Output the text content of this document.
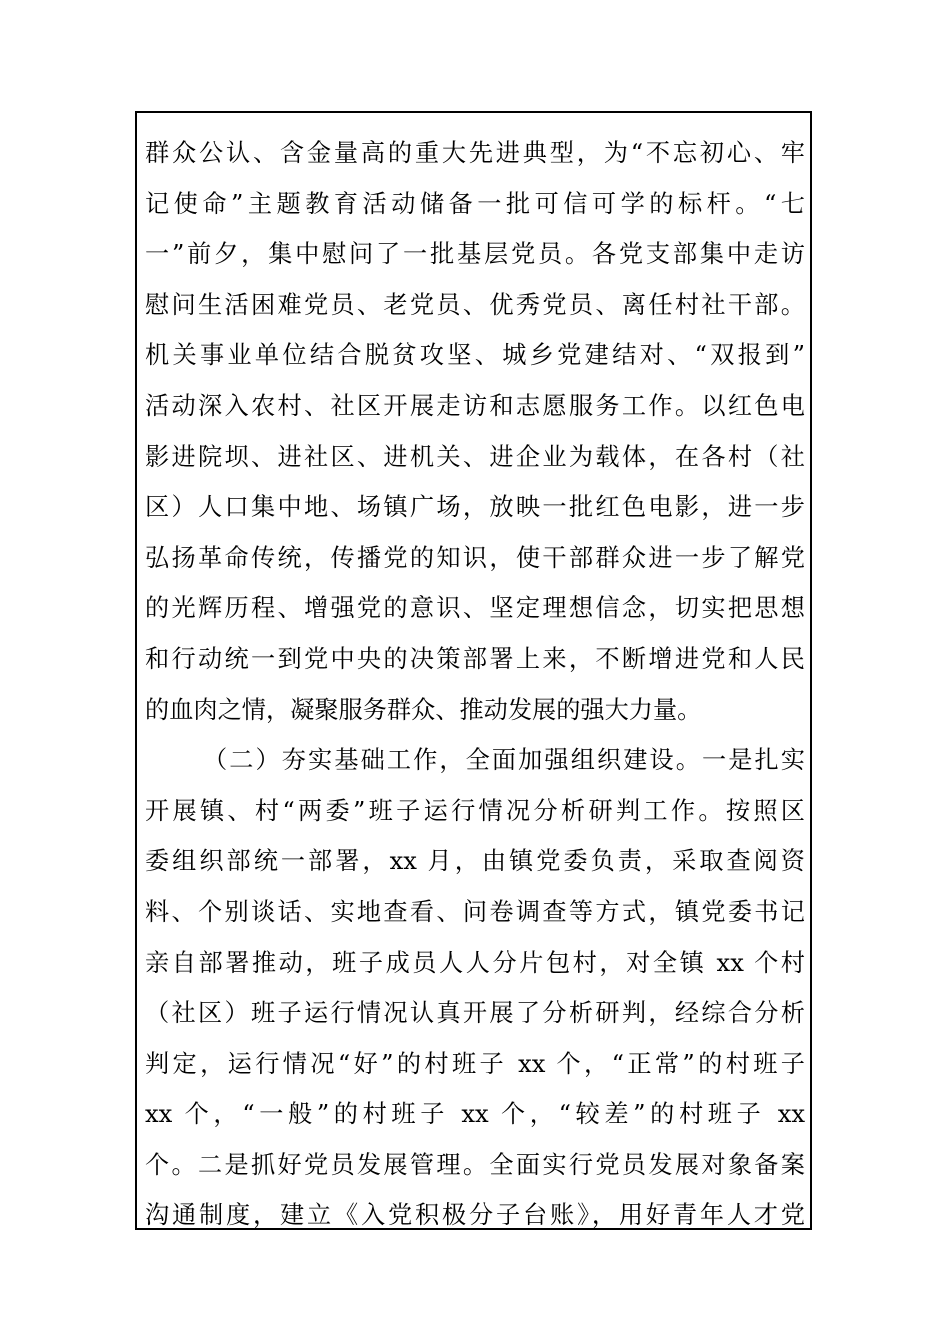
群众公认、含金量高的重大先进典型，为“不忘初心、牢
记使命”主题教育活动储备一批可信可学的标杆。“七
一”前夕，集中慰问了一批基层党员。各党支部集中走访
慰问生活困难党员、老党员、优秀党员、离任村社干部。
机关事业单位结合脱贫攻坚、城乡党建结对、“双报到”
活动深入农村、社区开展走访和志愿服务工作。以红色电
影进院坝、进社区、进机关、进企业为载体，在各村（社
区）人口集中地、场镇广场，放映一批红色电影，进一步
弘扬革命传统，传播党的知识，使干部群众进一步了解党
的光辉历程、增强党的意识、坚定理想信念，切实把思想
和行动统一到党中央的决策部署上来，不断增进党和人民
的血肉之情，凝聚服务群众、推动发展的强大力量。
（二）夯实基础工作，全面加强组织建设。一是扎实
开展镇、村“两委”班子运行情况分析研判工作。按照区
委组织部统一部署，xx 月，由镇党委负责，采取查阅资
料、个别谈话、实地查看、问卷调查等方式，镇党委书记
亲自部署推动，班子成员人人分片包村，对全镇 xx 个村
（社区）班子运行情况认真开展了分析研判，经综合分析
判定，运行情况“好”的村班子 xx 个，“正常”的村班子
xx 个，“一般”的村班子 xx 个，“较差”的村班子 xx
个。二是抓好党员发展管理。全面实行党员发展对象备案
沟通制度，建立《入党积极分子台账》，用好青年人才党
